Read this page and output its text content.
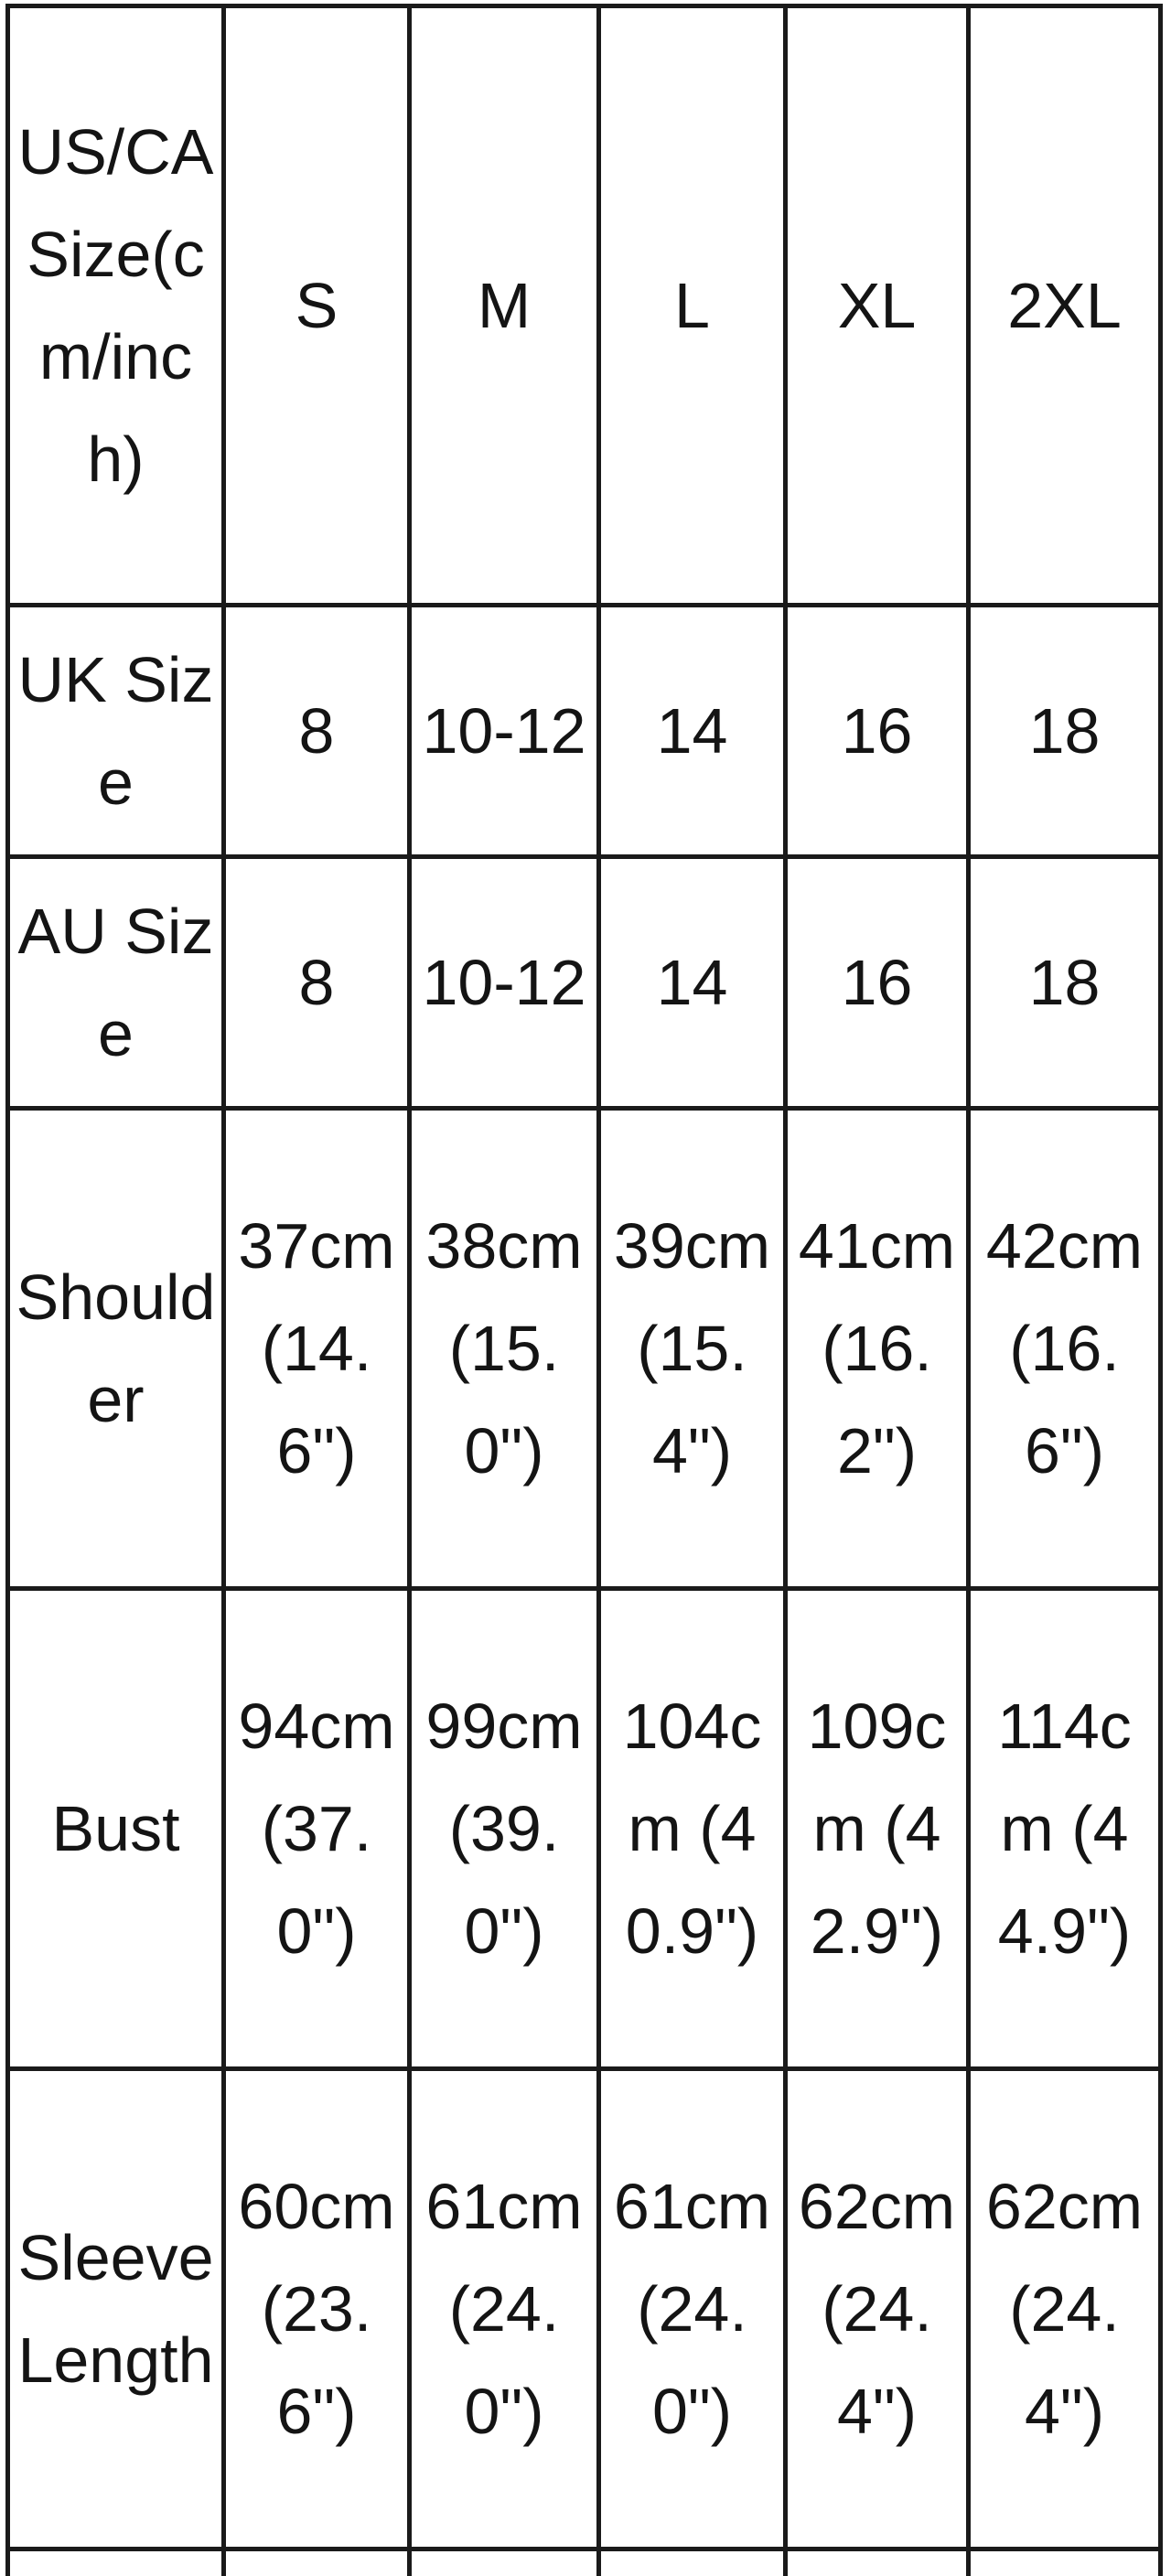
US/CA Size(cm/inch)	S	M	L	XL	2XL
UK Size	8	10-12	14	16	18
AU Size	8	10-12	14	16	18
Shoulder	37cm (14.6")	38cm (15.0")	39cm (15.4")	41cm (16.2")	42cm (16.6")
Bust	94cm (37.0")	99cm (39.0")	104cm (40.9")	109cm (42.9")	114cm (44.9")
Sleeve Length	60cm (23.6")	61cm (24.0")	61cm (24.0")	62cm (24.4")	62cm (24.4")
